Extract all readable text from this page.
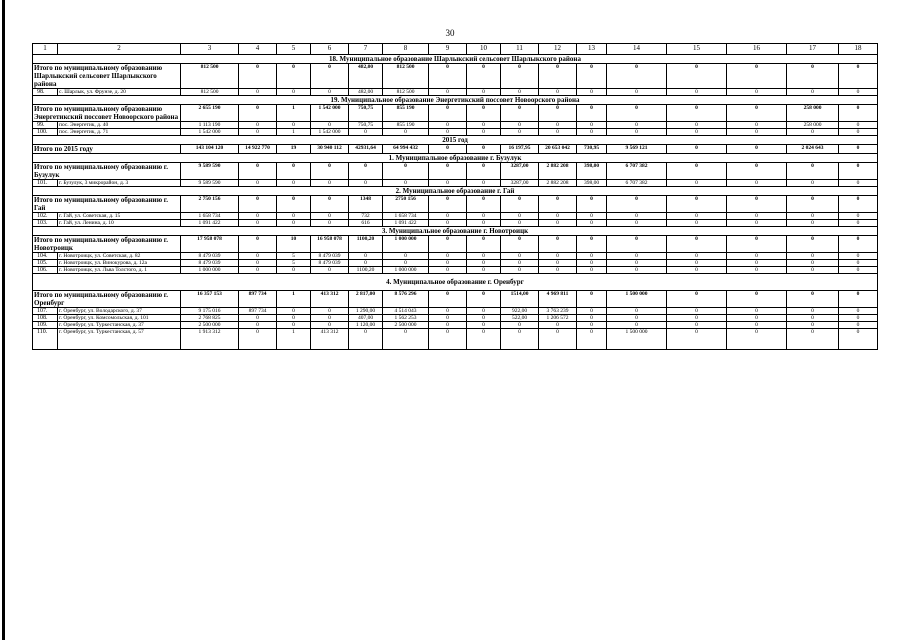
30
1	2	3	4	5	6	7	8	9	10	11	12	13	14	15	16	17	18
18. Муниципальное образование Шарлыкский сельсовет Шарлыкского района																	
Итого по муниципальному образованию Шарлыкский сельсовет Шарлыкского района		812 500	0	0	0	482,00	812 500	0	0	0	0	0	0	0	0	0	0
98.	с. Шарлык, ул. Фрунзе, д. 20	812 500	0	0	0	482,00	812 500	0	0	0	0	0	0	0	0	0	0
19. Муниципальное образование Энергетикский поссовет Новоорского района																	
Итого по муниципальному образованию Энергетикский поссовет Новоорского района		2 655 190	0	1	1 542 000	750,75	855 190	0	0	0	0	0	0	0	0	258 000	0
99.	пос. Энергетик, д. 40	1 113 190	0	0	0	750,75	855 190	0	0	0	0	0	0	0	0	258 000	0
100.	пос. Энергетик, д. 71	1 542 000	0	1	1 542 000	0	0	0	0	0	0	0	0	0	0	0	0
2015 год																	
Итого по 2015 году		143 104 120	14 922 770	19	30 940 112	42931,64	64 994 432	0	0	16 197,95	20 653 042	730,95	9 569 121	0	0	2 024 643	0
1. Муниципальное образование г. Бузулук																	
Итого по муниципальному образованию г. Бузулук		9 589 590	0	0	0	0	0	0	0	3287,00	2 882 208	398,00	6 707 382	0	0	0	0
101.	г. Бузулук, 3 микрорайон, д. 3	9 589 590	0	0	0	0	0	0	0	3287,00	2 882 208	398,00	6 707 382	0	0	0	0
2. Муниципальное образование г. Гай																	
Итого по муниципальному образованию г. Гай		2 750 156	0	0	0	1348	2750 156	0	0	0	0	0	0	0	0	0	0
102.	г. Гай, ул. Советская, д. 15	1 658 734	0	0	0	732	1 658 734	0	0	0	0	0	0	0	0	0	0
103.	г. Гай, ул. Ленина, д. 10	1 091 422	0	0	0	616	1 091 422	0	0	0	0	0	0	0	0	0	0
3. Муниципальное образование г. Новотроицк																	
Итого по муниципальному образованию г. Новотроицк		17 958 078	0	10	16 958 078	1100,20	1 000 000	0	0	0	0	0	0	0	0	0	0
104.	г. Новотроицк, ул. Советская, д. 82	8 479 039	0	5	8 479 039	0	0	0	0	0	0	0	0	0	0	0	0
105.	г. Новотроицк, ул. Винокурова, д. 12а	8 479 039	0	5	8 479 039	0	0	0	0	0	0	0	0	0	0	0	0
106.	г. Новотроицк, ул. Льва Толстого, д. 1	1 000 000	0	0	0	1100,20	1 000 000	0	0	0	0	0	0	0	0	0	0
4. Муниципальное образование г. Оренбург																	
Итого по муниципальному образованию г. Оренбург		16 357 153	897 734	1	413 312	2 817,00	8 576 296	0	0	1514,00	4 969 811	0	1 500 000	0	0	0	0
107.	г. Оренбург, ул. Володарского, д. 37	9 175 016	897 734	0	0	1 290,00	4 514 043	0	0	922,00	3 763 239	0	0	0	0	0	0
108.	г. Оренбург, ул. Комсомольская, д. 101	2 768 825	0	0	0	407,00	1 562 253	0	0	522,00	1 206 572	0	0	0	0	0	0
109.	г. Оренбург, ул. Туркестанская, д. 37	2 500 000	0	0	0	1 120,00	2 500 000	0	0	0	0	0	0	0	0	0	0
110.	г. Оренбург, ул. Туркестанская, д. 57	1 913 312	0	1	413 312	0	0	0	0	0	0	0	1 500 000	0	0	0	0
